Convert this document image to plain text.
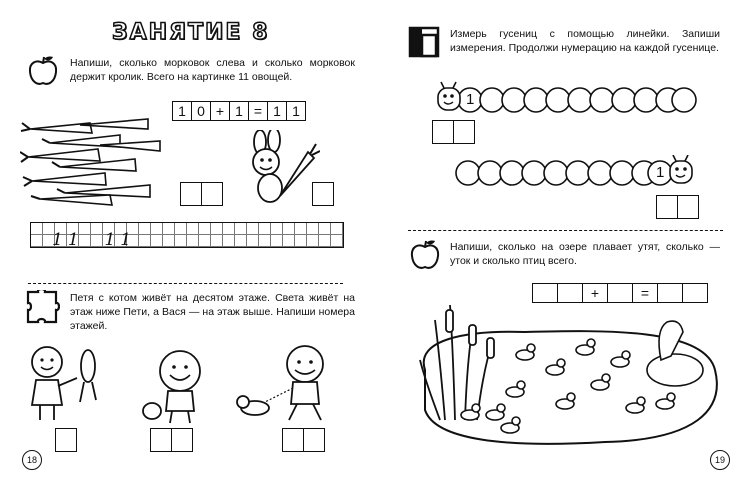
ЗАНЯТИЕ 8
Напиши, сколько морковок слева и сколько морковок держит кролик. Всего на картинке 11 овощей.
1 0 + 1 = 1 1
11  11
Петя с котом живёт на десятом этаже. Света живёт на этаж ниже Пети, а Вася — на этаж выше. Напиши номера этажей.
18
Измерь гусениц с помощью линейки. Запиши измерения. Продолжи нумерацию на каждой гусенице.
1
1
Напиши, сколько на озере плавает утят, сколько — уток и сколько птиц всего.
+	=
19
